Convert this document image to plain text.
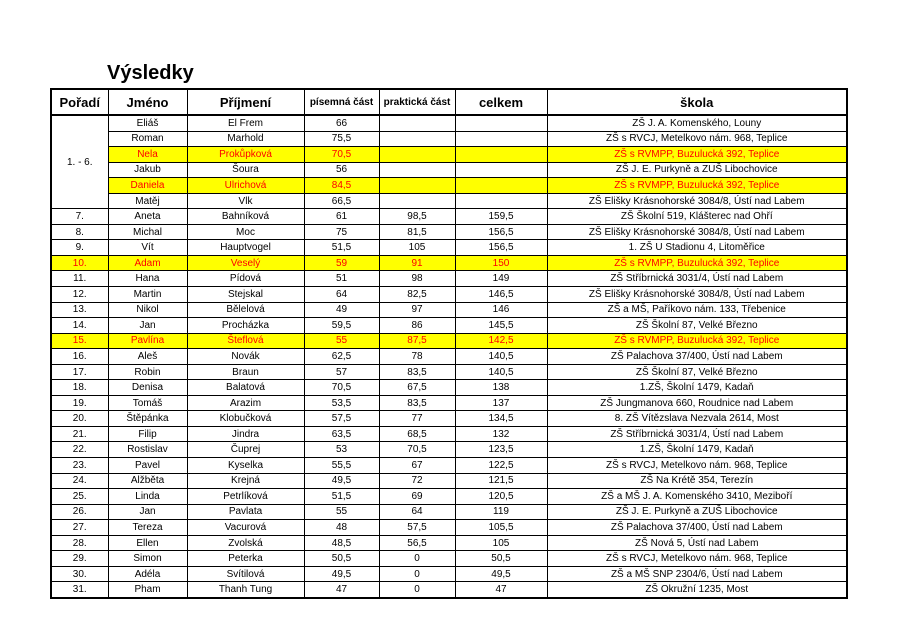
Výsledky
Pořadí	Jméno	Příjmení	písemná část	praktická část	celkem	škola
1. - 6.	Eliáš	El Frem	66			ZŠ J. A. Komenského, Louny
	Roman	Marhold	75,5			ZŠ s RVCJ, Metelkovo nám. 968, Teplice
	Nela	Prokůpková	70,5			ZŠ s RVMPP, Buzulucká 392, Teplice
	Jakub	Šoura	56			ZŠ J. E. Purkyně a ZUŠ Libochovice
	Daniela	Ulrichová	84,5			ZŠ s RVMPP, Buzulucká 392, Teplice
	Matěj	Vlk	66,5			ZŠ Elišky Krásnohorské 3084/8, Ústí nad Labem
7.	Aneta	Bahníková	61	98,5	159,5	ZŠ Školní 519, Klášterec nad Ohří
8.	Michal	Moc	75	81,5	156,5	ZŠ Elišky Krásnohorské 3084/8, Ústí nad Labem
9.	Vít	Hauptvogel	51,5	105	156,5	1. ZŠ U Stadionu 4, Litoměřice
10.	Adam	Veselý	59	91	150	ZŠ s RVMPP, Buzulucká 392, Teplice
11.	Hana	Pídová	51	98	149	ZŠ Stříbrnická 3031/4, Ústí nad Labem
12.	Martin	Stejskal	64	82,5	146,5	ZŠ Elišky Krásnohorské 3084/8, Ústí nad Labem
13.	Nikol	Bělelová	49	97	146	ZŠ a MŠ, Paříkovo nám. 133, Třebenice
14.	Jan	Procházka	59,5	86	145,5	ZŠ Školní 87, Velké Březno
15.	Pavlína	Šteflová	55	87,5	142,5	ZŠ s RVMPP, Buzulucká 392, Teplice
16.	Aleš	Novák	62,5	78	140,5	ZŠ Palachova 37/400, Ústí nad Labem
17.	Robin	Braun	57	83,5	140,5	ZŠ Školní 87, Velké Březno
18.	Denisa	Balatová	70,5	67,5	138	1.ZŠ, Školní 1479, Kadaň
19.	Tomáš	Arazim	53,5	83,5	137	ZŠ Jungmanova 660, Roudnice nad Labem
20.	Štěpánka	Klobučková	57,5	77	134,5	8. ZŠ Vítězslava Nezvala 2614, Most
21.	Filip	Jindra	63,5	68,5	132	ZŠ Stříbrnická 3031/4, Ústí nad Labem
22.	Rostislav	Čuprej	53	70,5	123,5	1.ZŠ, Školní 1479, Kadaň
23.	Pavel	Kyselka	55,5	67	122,5	ZŠ s RVCJ, Metelkovo nám. 968, Teplice
24.	Alžběta	Krejná	49,5	72	121,5	ZŠ Na Krétě 354, Terezín
25.	Linda	Petrlíková	51,5	69	120,5	ZŠ a MŠ J. A. Komenského 3410, Meziboří
26.	Jan	Pavlata	55	64	119	ZŠ J. E. Purkyně a ZUŠ Libochovice
27.	Tereza	Vacurová	48	57,5	105,5	ZŠ Palachova 37/400, Ústí nad Labem
28.	Ellen	Zvolská	48,5	56,5	105	ZŠ Nová 5, Ústí nad Labem
29.	Simon	Peterka	50,5	0	50,5	ZŠ s RVCJ, Metelkovo nám. 968, Teplice
30.	Adéla	Svítilová	49,5	0	49,5	ZŠ a MŠ SNP 2304/6, Ústí nad Labem
31.	Pham	Thanh Tung	47	0	47	ZŠ Okružní 1235, Most
